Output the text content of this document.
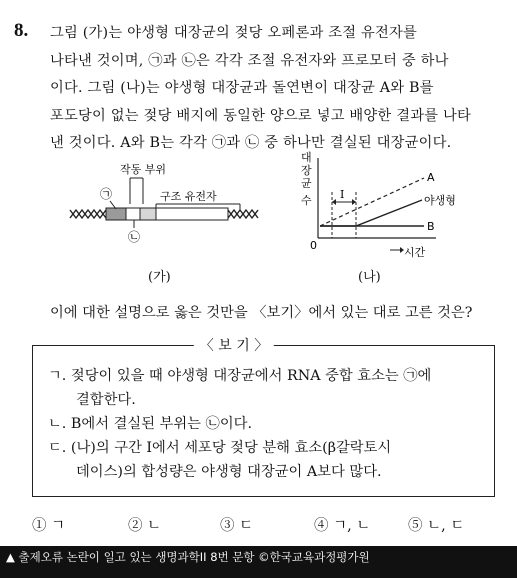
8. 그림 (가)는 야생형 대장균의 젖당 오페론과 조절 유전자를
나타낸 것이며, ㉠과 ㉡은 각각 조절 유전자와 프로모터 중 하나
이다. 그림 (나)는 야생형 대장균과 돌연변이 대장균 A와 B를
포도당이 없는 젖당 배지에 동일한 양으로 넣고 배양한 결과를 나타
낸 것이다. A와 B는 각각 ㉠과 ㉡ 중 하나만 결실된 대장균이다.
작동 부위
구조 유전자
㉠
㉡
(가)
대
장
균
수
0
시간
I
A
야생형
B
(나)
이에 대한 설명으로 옳은 것만을 〈보기〉에서 있는 대로 고른 것은?
〈 보 기 〉
ㄱ. 젖당이 있을 때 야생형 대장균에서 RNA 중합 효소는 ㉠에
결합한다.
ㄴ. B에서 결실된 부위는 ㉡이다.
ㄷ. (나)의 구간 Ⅰ에서 세포당 젖당 분해 효소(β갈락토시
데이스)의 합성량은 야생형 대장균이 A보다 많다.
① ㄱ	② ㄴ	③ ㄷ	④ ㄱ, ㄴ	⑤ ㄴ, ㄷ
▲ 출제오류 논란이 일고 있는 생명과학II 8번 문항 ©한국교육과정평가원
